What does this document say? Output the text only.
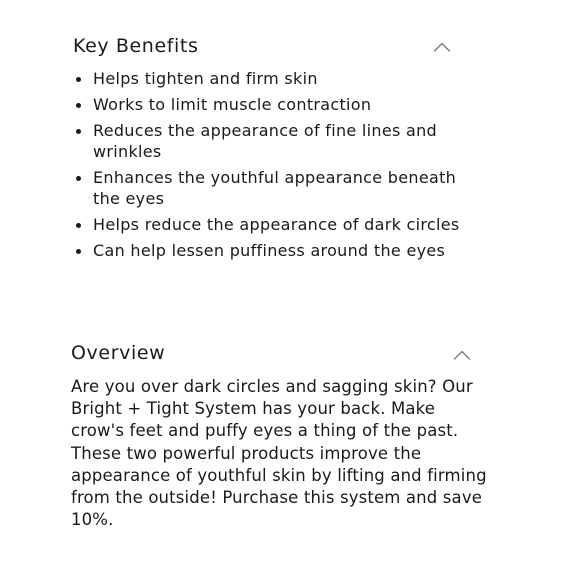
Key Benefits
Helps tighten and firm skin
Works to limit muscle contraction
Reduces the appearance of fine lines and wrinkles
Enhances the youthful appearance beneath the eyes
Helps reduce the appearance of dark circles
Can help lessen puffiness around the eyes
Overview

Are you over dark circles and sagging skin? Our Bright + Tight System has your back. Make crow's feet and puffy eyes a thing of the past. These two powerful products improve the appearance of youthful skin by lifting and firming from the outside! Purchase this system and save 10%.
